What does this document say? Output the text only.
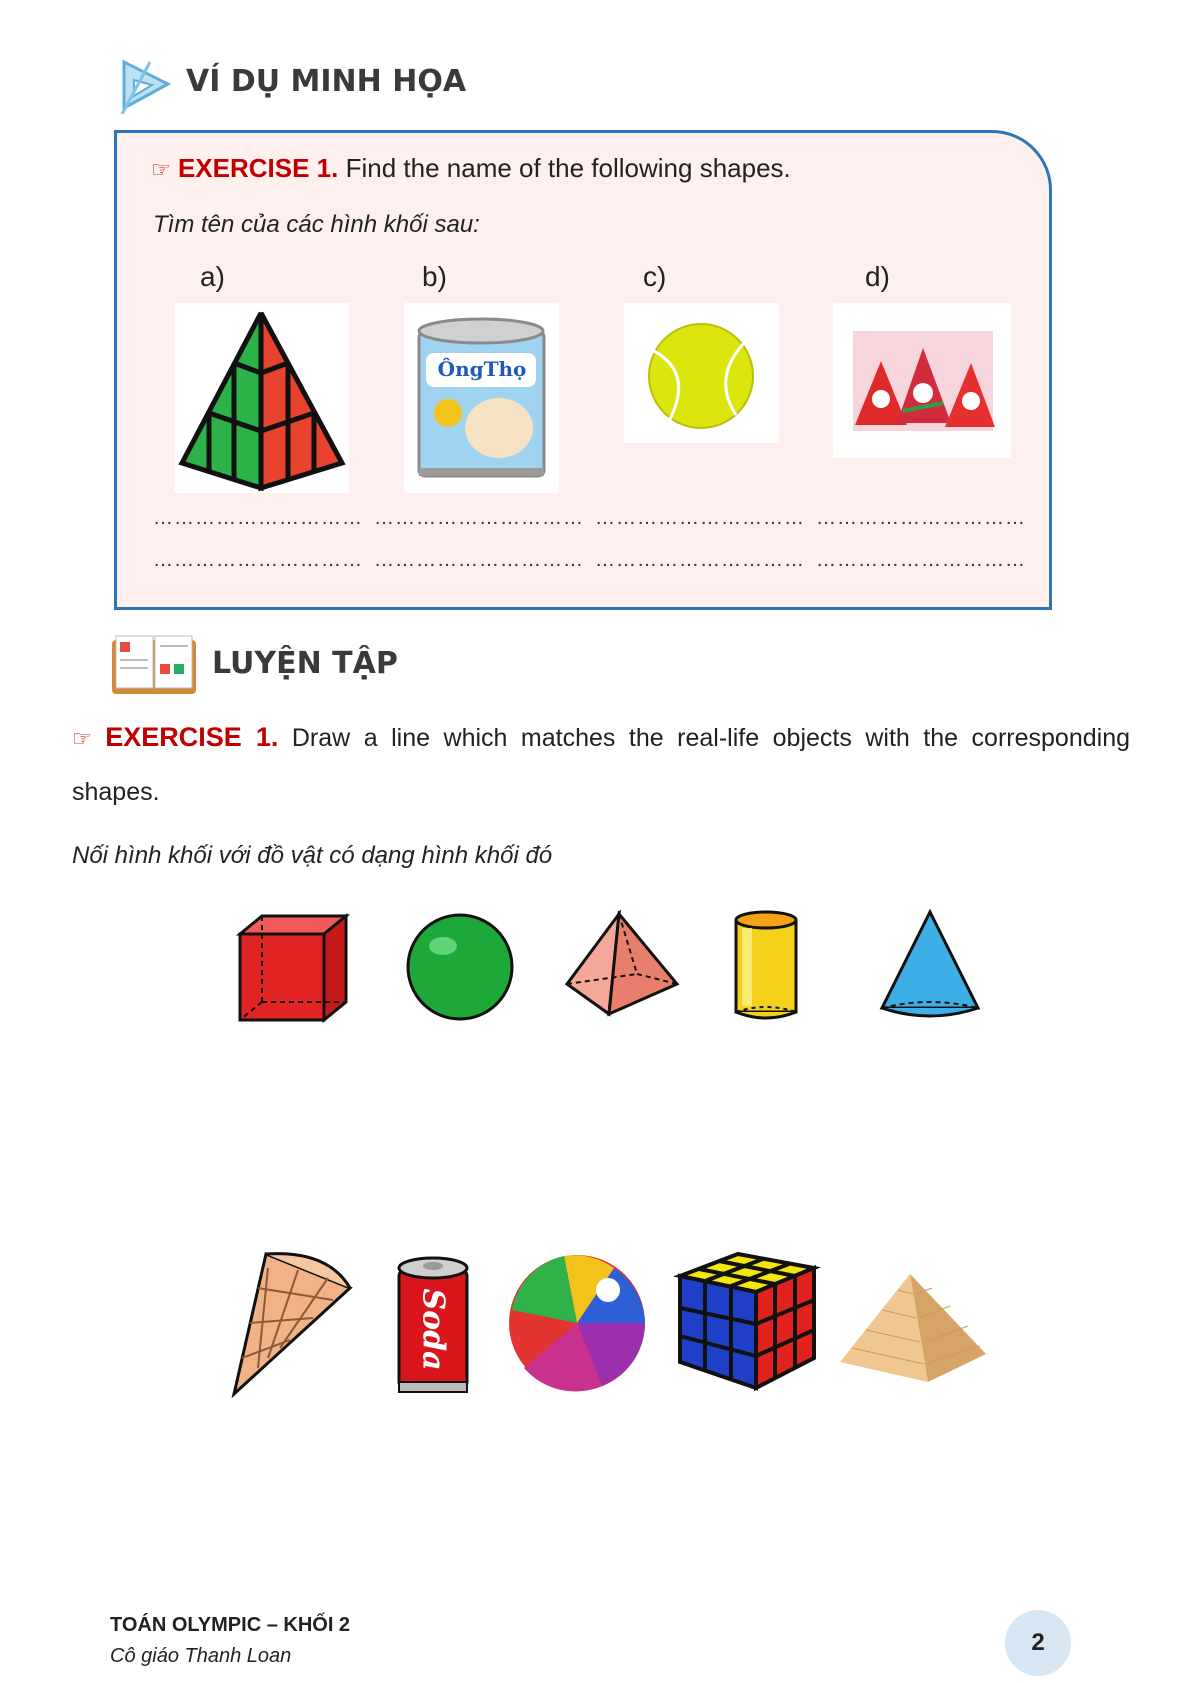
VÍ DỤ MINH HỌA
☞ EXERCISE 1. Find the name of the following shapes.
Tìm tên của các hình khối sau:
a)	b)	c)	d)
ÔngThọ
………………………… ………………………… ………………………… …………………………
………………………… ………………………… ………………………… …………………………
LUYỆN TẬP
☞ EXERCISE 1. Draw a line which matches the real-life objects with the corresponding
shapes.
Nối hình khối với đồ vật có dạng hình khối đó
Soda
TOÁN OLYMPIC – KHỐI 2
Cô giáo Thanh Loan	2
